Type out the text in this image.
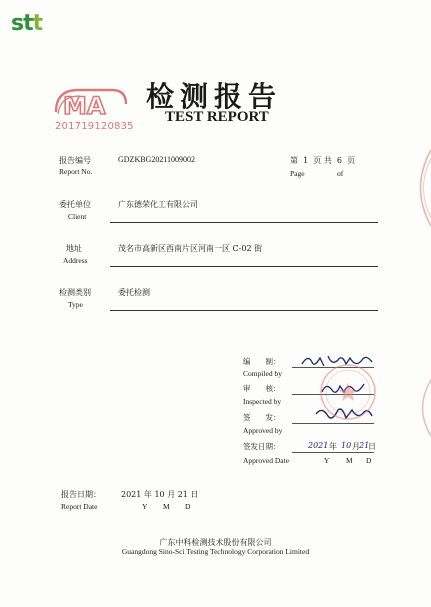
stt
MA
201719120835
检测报告
TEST REPORT
报告编号
Report No.
GDZKBG20211009002	第 1 页 共 6 页
Page	of
委托单位
Client
广东德荣化工有限公司
地址
Address
茂名市高新区西南片区河南一区 C-02 街
检测类别
Type
委托检测
编　　制：
Compiled by
审　　核：
Inspected by
签　　发：
Approved by
签发日期：
Approved Date
2021 年 10 月 21
日
Y M D
报告日期：
Report Date
2021 年 10 月 21 日
Y M D
广东中科检测技术股份有限公司
Guangdong Sino-Sci Testing Technology Corporation Limited
